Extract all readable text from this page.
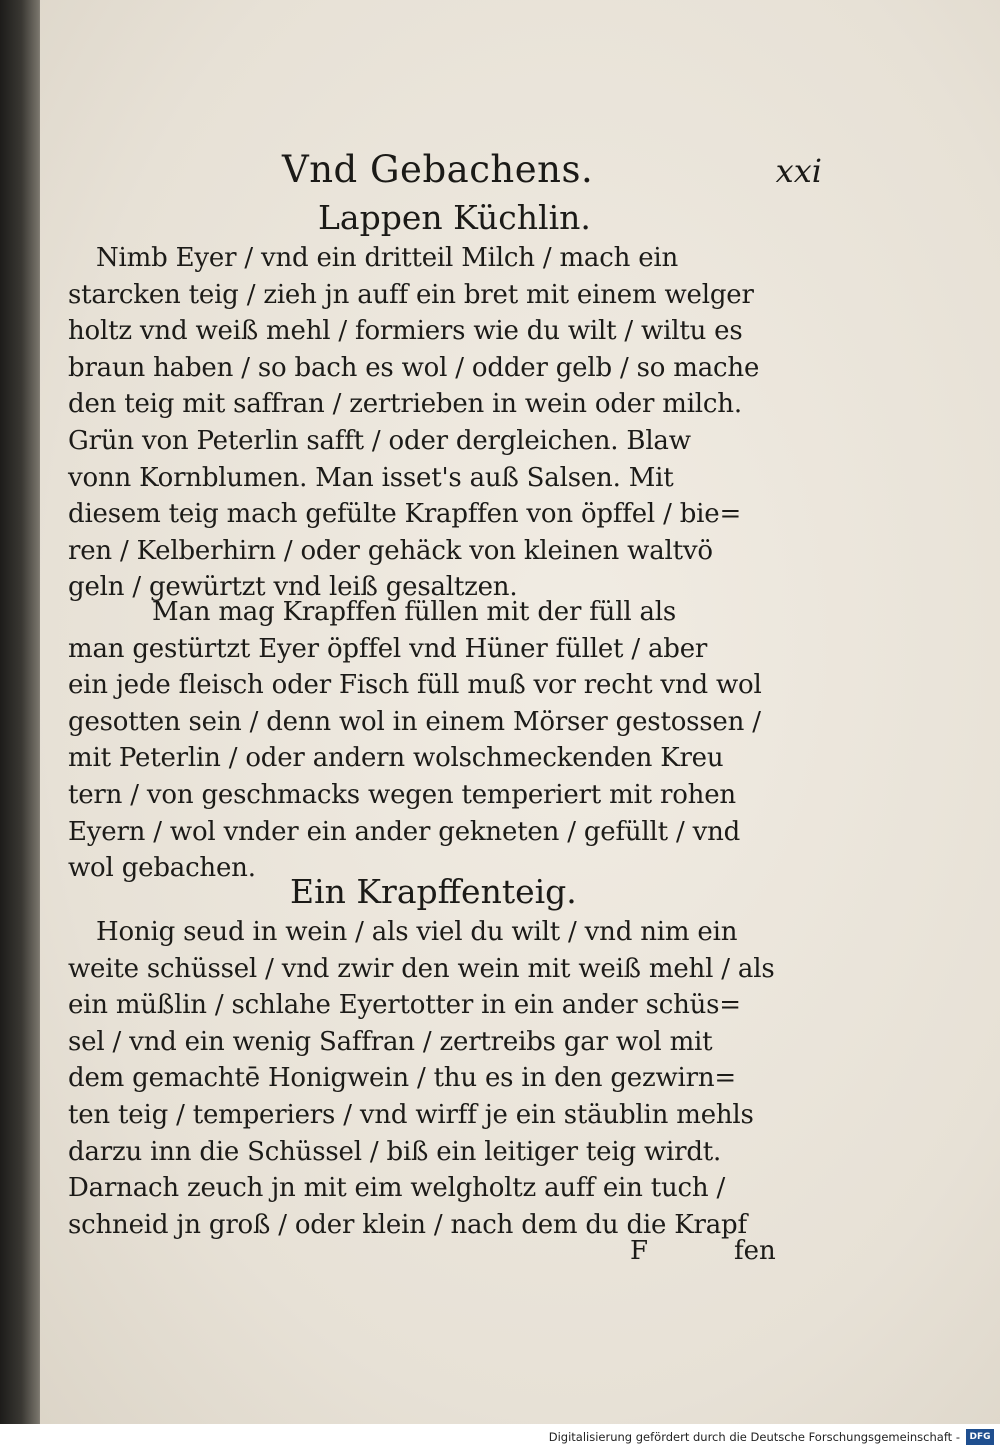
Vnd Gebachens.	xxi
Lappen Küchlin.
Nimb Eyer / vnd ein dritteil Milch / mach ein
starcken teig / zieh jn auff ein bret mit einem welger
holtz vnd weiß mehl / formiers wie du wilt / wiltu es
braun haben / so bach es wol / odder gelb / so mache
den teig mit saffran / zertrieben in wein oder milch.
Grün von Peterlin safft / oder dergleichen. Blaw
vonn Kornblumen. Man isset's auß Salsen. Mit
diesem teig mach gefülte Krapffen von öpffel / bie=
ren / Kelberhirn / oder gehäck von kleinen waltvö
geln / gewürtzt vnd leiß gesaltzen.
Man mag Krapffen füllen mit der füll als
man gestürtzt Eyer öpffel vnd Hüner füllet / aber
ein jede fleisch oder Fisch füll muß vor recht vnd wol
gesotten sein / denn wol in einem Mörser gestossen /
mit Peterlin / oder andern wolschmeckenden Kreu
tern / von geschmacks wegen temperiert mit rohen
Eyern / wol vnder ein ander gekneten / gefüllt / vnd
wol gebachen.
Ein Krapffenteig.
Honig seud in wein / als viel du wilt / vnd nim ein
weite schüssel / vnd zwir den wein mit weiß mehl / als
ein müßlin / schlahe Eyertotter in ein ander schüs=
sel / vnd ein wenig Saffran / zertreibs gar wol mit
dem gemachtē Honigwein / thu es in den gezwirn=
ten teig / temperiers / vnd wirff je ein stäublin mehls
darzu inn die Schüssel / biß ein leitiger teig wirdt.
Darnach zeuch jn mit eim welgholtz auff ein tuch /
schneid jn groß / oder klein / nach dem du die Krapf
F	fen
Digitalisierung gefördert durch die Deutsche Forschungsgemeinschaft -	DFG
